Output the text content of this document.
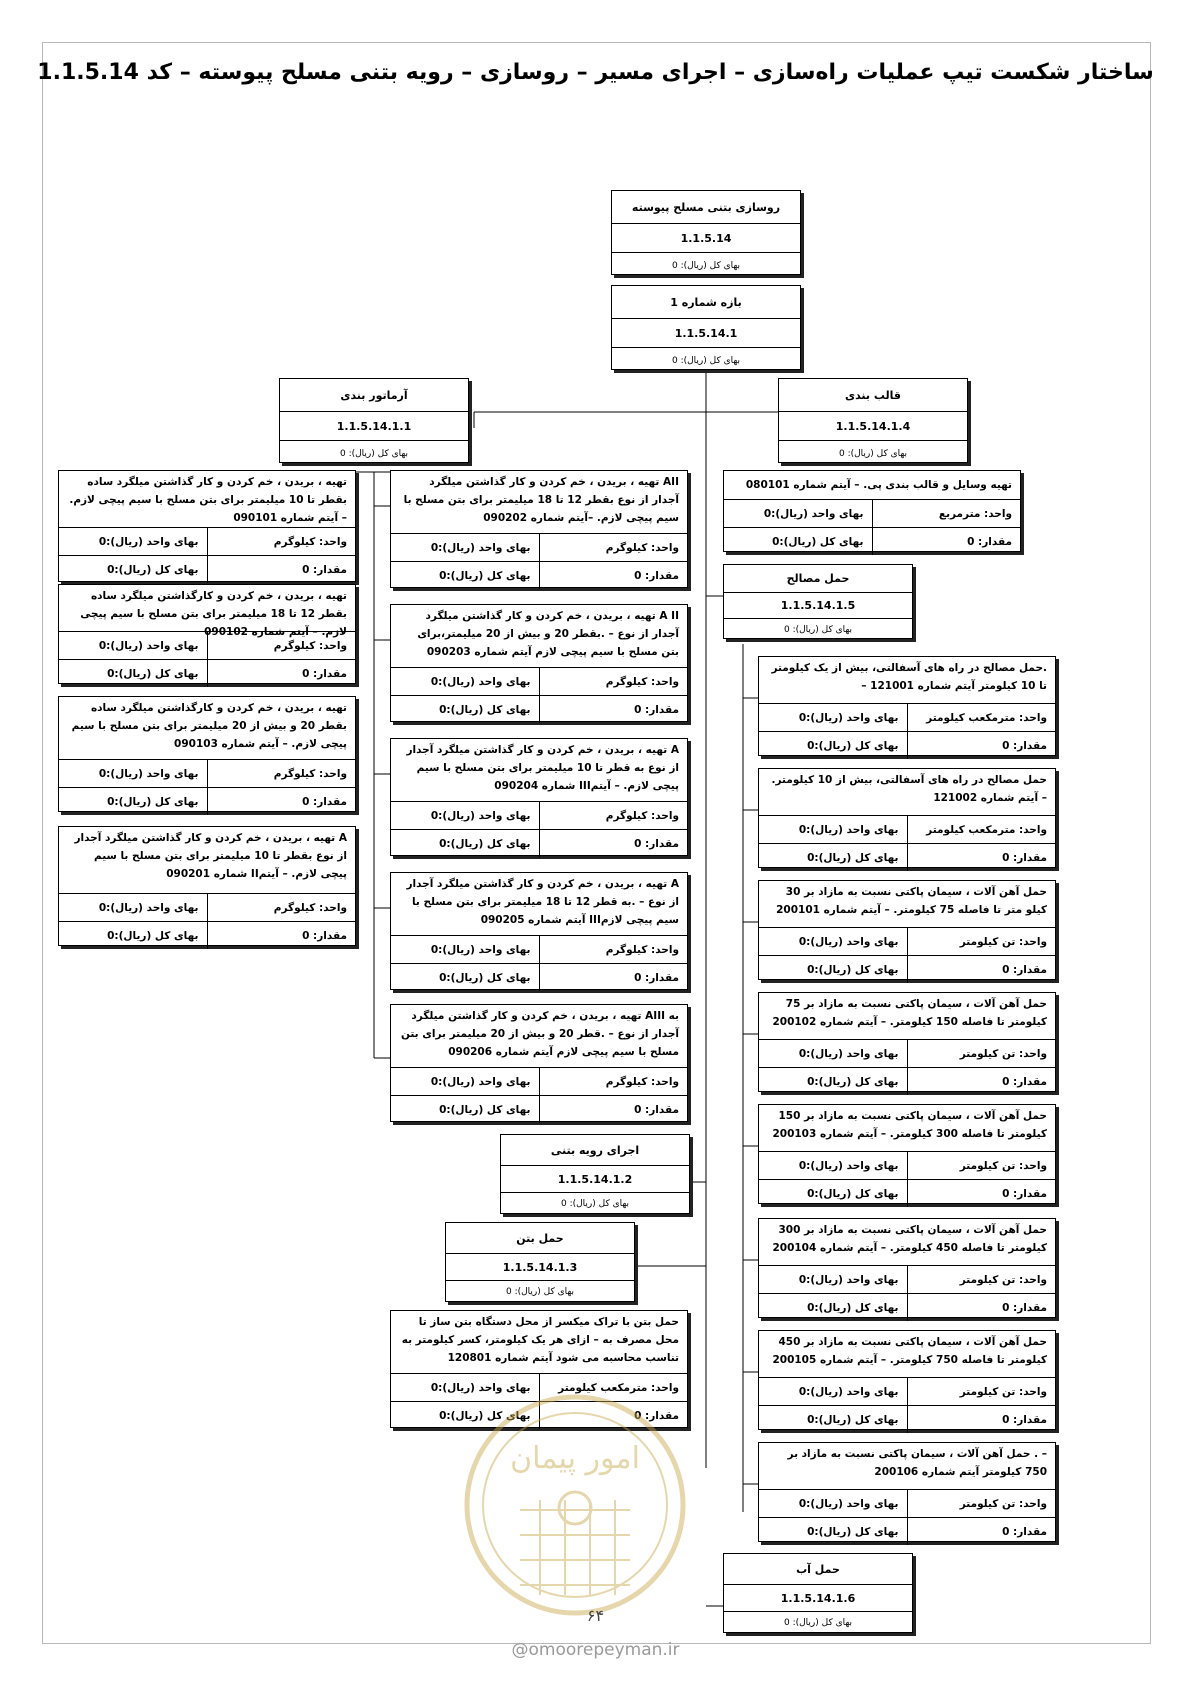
ساختار شکست تیپ عملیات راه‌سازی – اجرای مسیر – روسازی – رویه بتنی مسلح پیوسته – کد 1.1.5.14
روسازی بتنی مسلح پیوسته
1.1.5.14
بهای کل (ریال): 0
بازه شماره 1
1.1.5.14.1
بهای کل (ریال): 0
آرماتور بندی
1.1.5.14.1.1
بهای کل (ریال): 0
قالب بندی
1.1.5.14.1.4
بهای کل (ریال): 0
حمل مصالح
1.1.5.14.1.5
بهای کل (ریال): 0
اجرای رویه بتنی
1.1.5.14.1.2
بهای کل (ریال): 0
حمل بتن
1.1.5.14.1.3
بهای کل (ریال): 0
حمل آب
1.1.5.14.1.6
بهای کل (ریال): 0
تهیه ، بریدن ، خم کردن و کار گذاشتن میلگرد ساده بقطر تا 10 میلیمتر برای بتن مسلح با سیم پیچی لازم. – آیتم شماره 090101
واحد: کیلوگرم
بهای واحد (ریال):0
مقدار: 0
بهای کل (ریال):0
تهیه ، بریدن ، خم کردن و کارگذاشتن میلگرد ساده بقطر 12 تا 18 میلیمتر برای بتن مسلح با سیم پیچی لازم. – آیتم شماره 090102
واحد: کیلوگرم
بهای واحد (ریال):0
مقدار: 0
بهای کل (ریال):0
تهیه ، بریدن ، خم کردن و کارگذاشتن میلگرد ساده بقطر 20 و بیش از 20 میلیمتر برای بتن مسلح با سیم پیچی لازم. – آیتم شماره 090103
واحد: کیلوگرم
بهای واحد (ریال):0
مقدار: 0
بهای کل (ریال):0
A تهیه ، بریدن ، خم کردن و کار گذاشتن میلگرد آجدار از نوع بقطر تا 10 میلیمتر برای بتن مسلح با سیم پیچی لازم. – آیتمII شماره 090201
واحد: کیلوگرم
بهای واحد (ریال):0
مقدار: 0
بهای کل (ریال):0
AII تهیه ، بریدن ، خم کردن و کار گذاشتن میلگرد آجدار از نوع بقطر 12 تا 18 میلیمتر برای بتن مسلح با سیم پیچی لازم. –آیتم شماره 090202
واحد: کیلوگرم
بهای واحد (ریال):0
مقدار: 0
بهای کل (ریال):0
A II تهیه ، بریدن ، خم کردن و کار گذاشتن میلگرد آجدار از نوع – .بقطر 20 و بیش از 20 میلیمتر،برای بتن مسلح با سیم پیچی لازم آیتم شماره 090203
واحد: کیلوگرم
بهای واحد (ریال):0
مقدار: 0
بهای کل (ریال):0
A تهیه ، بریدن ، خم کردن و کار گذاشتن میلگرد آجدار از نوع به قطر تا 10 میلیمتر برای بتن مسلح با سیم پیچی لازم. – آیتمIII شماره 090204
واحد: کیلوگرم
بهای واحد (ریال):0
مقدار: 0
بهای کل (ریال):0
A تهیه ، بریدن ، خم کردن و کار گذاشتن میلگرد آجدار از نوع – .به قطر 12 تا 18 میلیمتر برای بتن مسلح با سیم پیچی لازمIII آیتم شماره 090205
واحد: کیلوگرم
بهای واحد (ریال):0
مقدار: 0
بهای کل (ریال):0
به AIII تهیه ، بریدن ، خم کردن و کار گذاشتن میلگرد آجدار از نوع – .قطر 20 و بیش از 20 میلیمتر برای بتن مسلح با سیم پیچی لازم آیتم شماره 090206
واحد: کیلوگرم
بهای واحد (ریال):0
مقدار: 0
بهای کل (ریال):0
تهیه وسایل و قالب بندی پی. – آیتم شماره 080101
واحد: مترمربع
بهای واحد (ریال):0
مقدار: 0
بهای کل (ریال):0
.حمل مصالح در راه های آسفالتی، بیش از یک کیلومتر تا 10 کیلومتر آیتم شماره 121001 –
واحد: مترمکعب کیلومتر
بهای واحد (ریال):0
مقدار: 0
بهای کل (ریال):0
حمل مصالح در راه های آسفالتی، بیش از 10 کیلومتر. – آیتم شماره 121002
واحد: مترمکعب کیلومتر
بهای واحد (ریال):0
مقدار: 0
بهای کل (ریال):0
حمل آهن آلات ، سیمان پاکتی نسبت به مازاد بر 30 کیلو متر تا فاصله 75 کیلومتر. – آیتم شماره 200101
واحد: تن کیلومتر
بهای واحد (ریال):0
مقدار: 0
بهای کل (ریال):0
حمل آهن آلات ، سیمان پاکتی نسبت به مازاد بر 75 کیلومتر تا فاصله 150 کیلومتر. – آیتم شماره 200102
واحد: تن کیلومتر
بهای واحد (ریال):0
مقدار: 0
بهای کل (ریال):0
حمل آهن آلات ، سیمان پاکتی نسبت به مازاد بر 150 کیلومتر تا فاصله 300 کیلومتر. – آیتم شماره 200103
واحد: تن کیلومتر
بهای واحد (ریال):0
مقدار: 0
بهای کل (ریال):0
حمل آهن آلات ، سیمان پاکتی نسبت به مازاد بر 300 کیلومتر تا فاصله 450 کیلومتر. – آیتم شماره 200104
واحد: تن کیلومتر
بهای واحد (ریال):0
مقدار: 0
بهای کل (ریال):0
حمل آهن آلات ، سیمان پاکتی نسبت به مازاد بر 450 کیلومتر تا فاصله 750 کیلومتر. – آیتم شماره 200105
واحد: تن کیلومتر
بهای واحد (ریال):0
مقدار: 0
بهای کل (ریال):0
– . حمل آهن آلات ، سیمان پاکتی نسبت به مازاد بر 750 کیلومتر آیتم شماره 200106
واحد: تن کیلومتر
بهای واحد (ریال):0
مقدار: 0
بهای کل (ریال):0
حمل بتن با تراک میکسر از محل دستگاه بتن ساز تا محل مصرف به – ازای هر یک کیلومتر، کسر کیلومتر به تناسب محاسبه می شود آیتم شماره 120801
واحد: مترمکعب کیلومتر
بهای واحد (ریال):0
مقدار: 0
بهای کل (ریال):0
امور پیمان
۶۴
@omoorepeyman.ir
